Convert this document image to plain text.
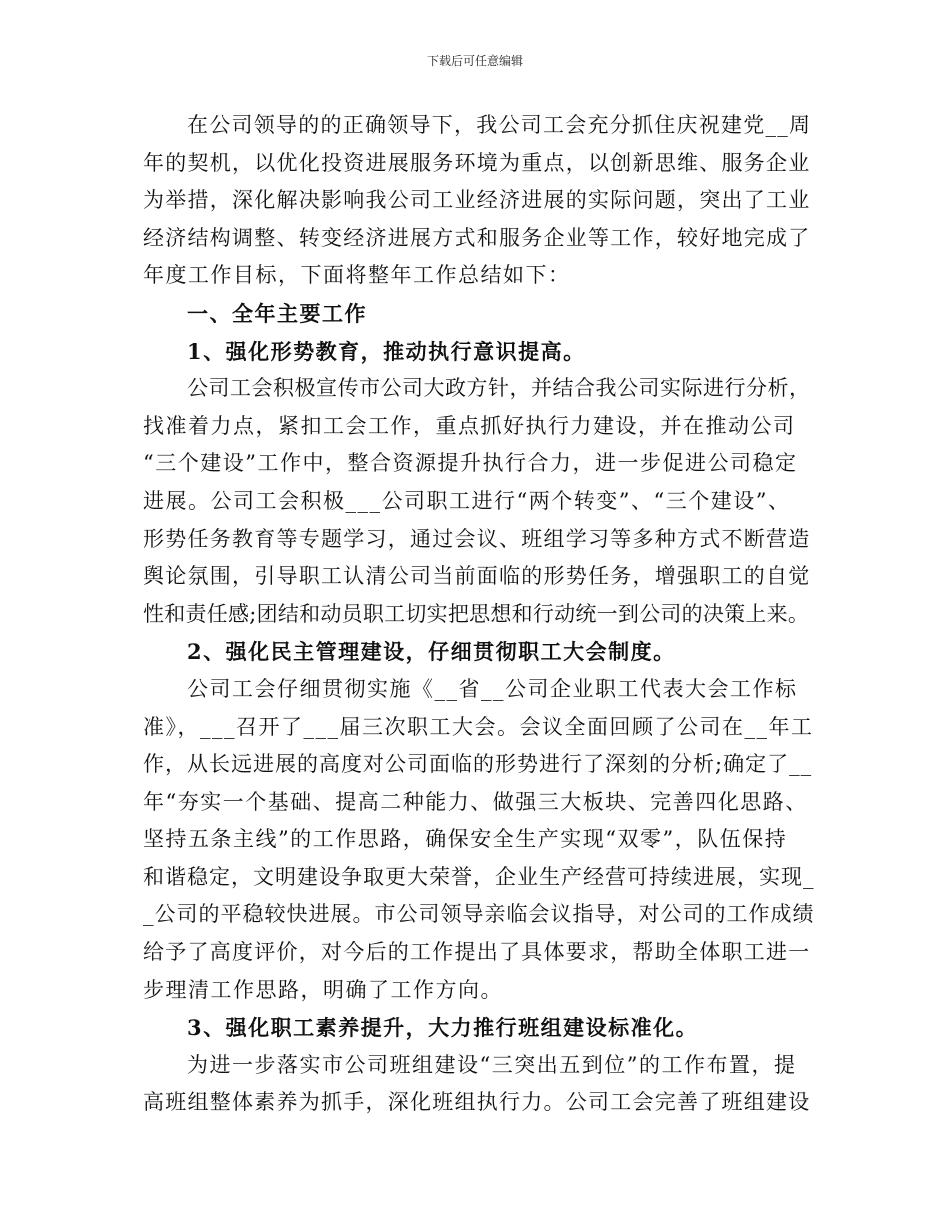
下载后可任意编辑
在公司领导的的正确领导下，我公司工会充分抓住庆祝建党__周
年的契机，以优化投资进展服务环境为重点，以创新思维、服务企业
为举措，深化解决影响我公司工业经济进展的实际问题，突出了工业
经济结构调整、转变经济进展方式和服务企业等工作，较好地完成了
年度工作目标，下面将整年工作总结如下：
一、全年主要工作
1、强化形势教育，推动执行意识提高。
公司工会积极宣传市公司大政方针，并结合我公司实际进行分析，
找准着力点，紧扣工会工作，重点抓好执行力建设，并在推动公司
“三个建设”工作中，整合资源提升执行合力，进一步促进公司稳定
进展。公司工会积极___公司职工进行“两个转变”、“三个建设”、
形势任务教育等专题学习，通过会议、班组学习等多种方式不断营造
舆论氛围，引导职工认清公司当前面临的形势任务，增强职工的自觉
性和责任感;团结和动员职工切实把思想和行动统一到公司的决策上来。
2、强化民主管理建设，仔细贯彻职工大会制度。
公司工会仔细贯彻实施《__省__公司企业职工代表大会工作标
准》，___召开了___届三次职工大会。会议全面回顾了公司在__年工
作，从长远进展的高度对公司面临的形势进行了深刻的分析;确定了__
年“夯实一个基础、提高二种能力、做强三大板块、完善四化思路、
坚持五条主线”的工作思路，确保安全生产实现“双零”，队伍保持
和谐稳定，文明建设争取更大荣誉，企业生产经营可持续进展，实现_
_公司的平稳较快进展。市公司领导亲临会议指导，对公司的工作成绩
给予了高度评价，对今后的工作提出了具体要求，帮助全体职工进一
步理清工作思路，明确了工作方向。
3、强化职工素养提升，大力推行班组建设标准化。
为进一步落实市公司班组建设“三突出五到位”的工作布置，提
高班组整体素养为抓手，深化班组执行力。公司工会完善了班组建设
